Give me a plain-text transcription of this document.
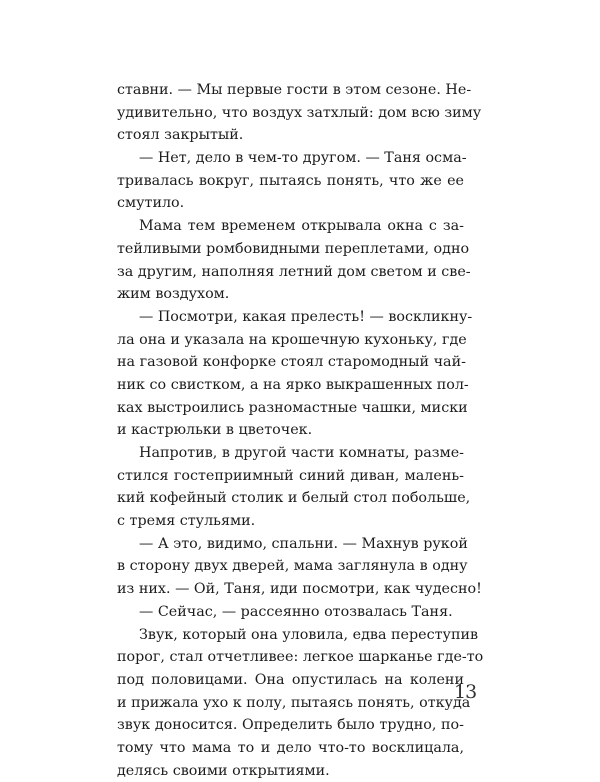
ставни. — Мы первые гости в этом сезоне. Не-
удивительно, что воздух затхлый: дом всю зиму
стоял закрытый.
— Нет, дело в чем-то другом. — Таня осма-
тривалась вокруг, пытаясь понять, что же ее
смутило.
Мама тем временем открывала окна с за-
тейливыми ромбовидными переплетами, одно
за другим, наполняя летний дом светом и све-
жим воздухом.
— Посмотри, какая прелесть! — воскликну-
ла она и указала на крошечную кухоньку, где
на газовой конфорке стоял старомодный чай-
ник со свистком, а на ярко выкрашенных пол-
ках выстроились разномастные чашки, миски
и кастрюльки в цветочек.
Напротив, в другой части комнаты, разме-
стился гостеприимный синий диван, малень-
кий кофейный столик и белый стол побольше,
с тремя стульями.
— А это, видимо, спальни. — Махнув рукой
в сторону двух дверей, мама заглянула в одну
из них. — Ой, Таня, иди посмотри, как чудесно!
— Сейчас, — рассеянно отозвалась Таня.
Звук, который она уловила, едва переступив
порог, стал отчетливее: легкое шарканье где-то
под половицами. Она опустилась на колени
и прижала ухо к полу, пытаясь понять, откуда
звук доносится. Определить было трудно, по-
тому что мама то и дело что-то восклицала,
делясь своими открытиями.
13
